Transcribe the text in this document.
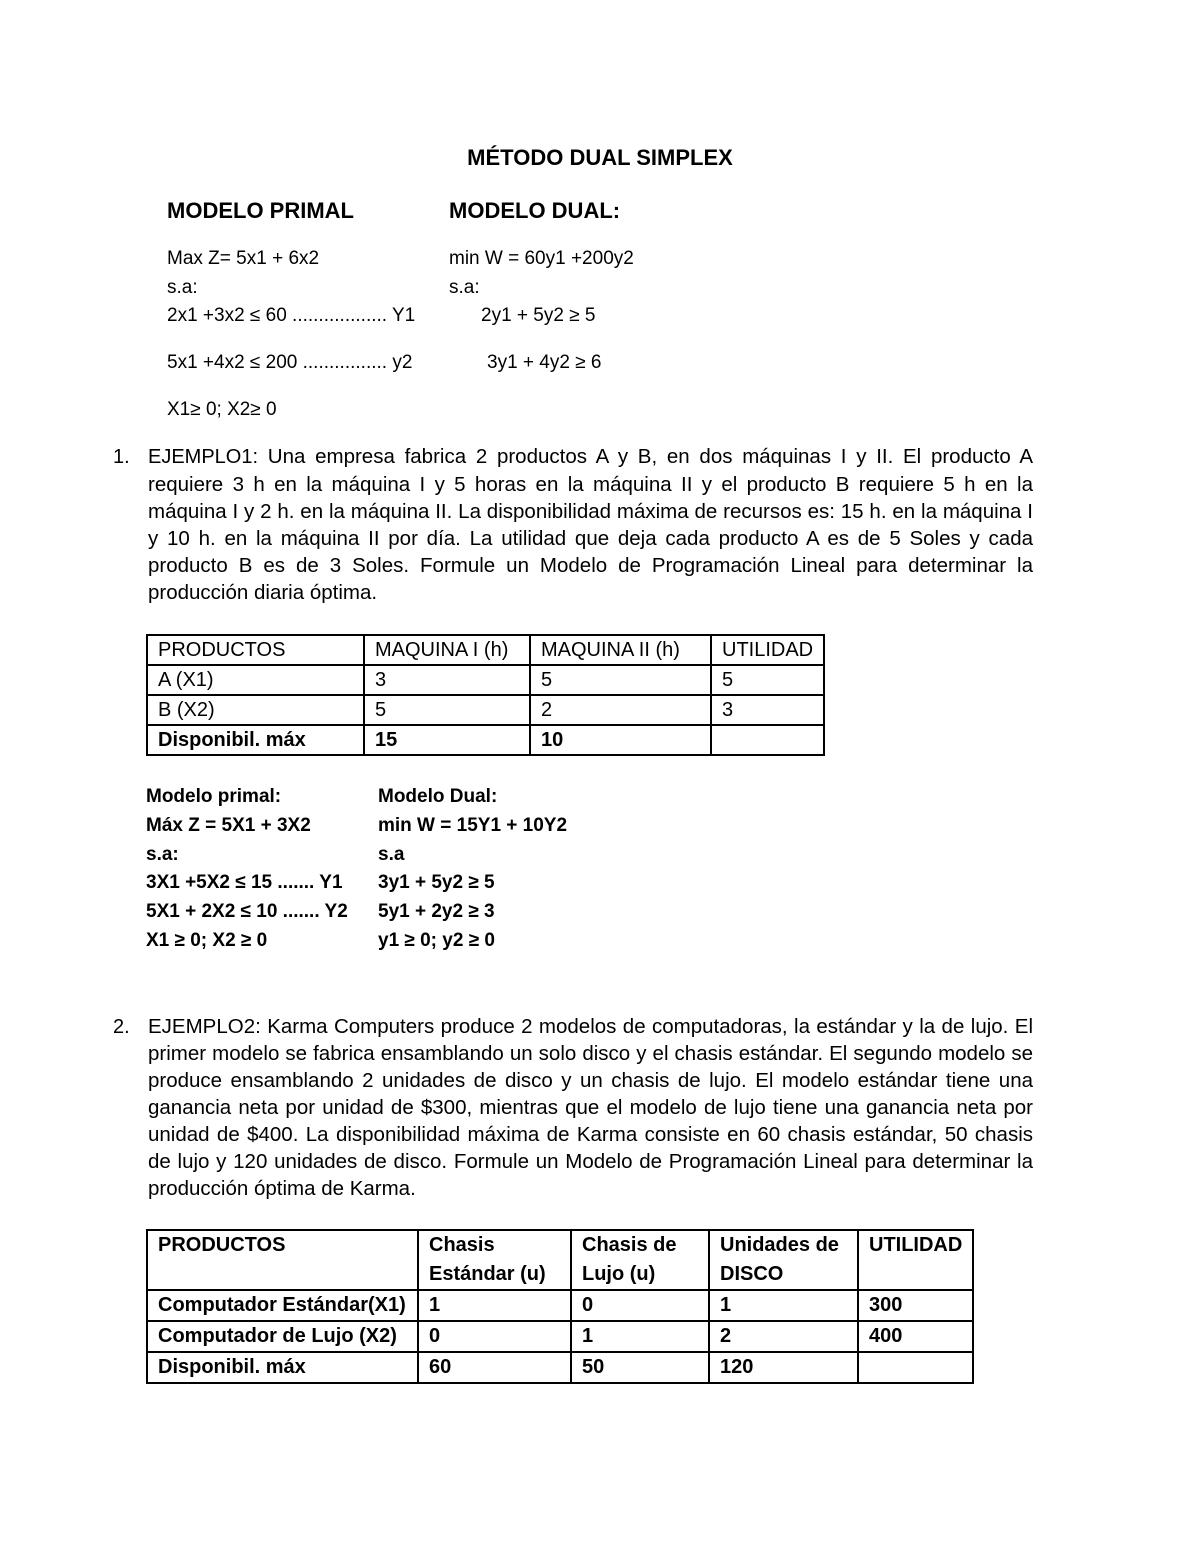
MÉTODO DUAL SIMPLEX
MODELO PRIMAL	MODELO DUAL:
Max Z= 5x1 + 6x2
s.a:
2x1 +3x2 ≤ 60 .................. Y1
5x1 +4x2 ≤ 200 ................ y2
X1≥ 0; X2≥ 0
min W = 60y1 +200y2
s.a:
2y1 + 5y2 ≥ 5
3y1 + 4y2 ≥ 6
1. EJEMPLO1: Una empresa fabrica 2 productos A y B, en dos máquinas I y II. El producto A requiere 3 h en la máquina I y 5 horas en la máquina II y el producto B requiere 5 h en la máquina I y 2 h. en la máquina II. La disponibilidad máxima de recursos es: 15 h. en la máquina I y 10 h. en la máquina II por día. La utilidad que deja cada producto A es de 5 Soles y cada producto B es de 3 Soles. Formule un Modelo de Programación Lineal para determinar la producción diaria óptima.
PRODUCTOS	MAQUINA I (h)	MAQUINA II (h)	UTILIDAD
A (X1)	3	5	5
B (X2)	5	2	3
Disponibil. máx	15	10	
Modelo primal:	Modelo Dual:
Máx Z = 5X1 + 3X2
s.a:
3X1 +5X2 ≤ 15 ....... Y1
5X1 + 2X2 ≤ 10 ....... Y2
X1 ≥ 0; X2 ≥ 0
min W = 15Y1 + 10Y2
s.a
3y1 + 5y2 ≥ 5
5y1 + 2y2 ≥ 3
y1 ≥ 0; y2 ≥ 0
2. EJEMPLO2: Karma Computers produce 2 modelos de computadoras, la estándar y la de lujo. El primer modelo se fabrica ensamblando un solo disco y el chasis estándar. El segundo modelo se produce ensamblando 2 unidades de disco y un chasis de lujo. El modelo estándar tiene una ganancia neta por unidad de $300, mientras que el modelo de lujo tiene una ganancia neta por unidad de $400. La disponibilidad máxima de Karma consiste en 60 chasis estándar, 50 chasis de lujo y 120 unidades de disco. Formule un Modelo de Programación Lineal para determinar la producción óptima de Karma.
PRODUCTOS	Chasis Estándar (u)	Chasis de Lujo (u)	Unidades de DISCO	UTILIDAD
Computador Estándar(X1)	1	0	1	300
Computador de Lujo (X2)	0	1	2	400
Disponibil. máx	60	50	120	
